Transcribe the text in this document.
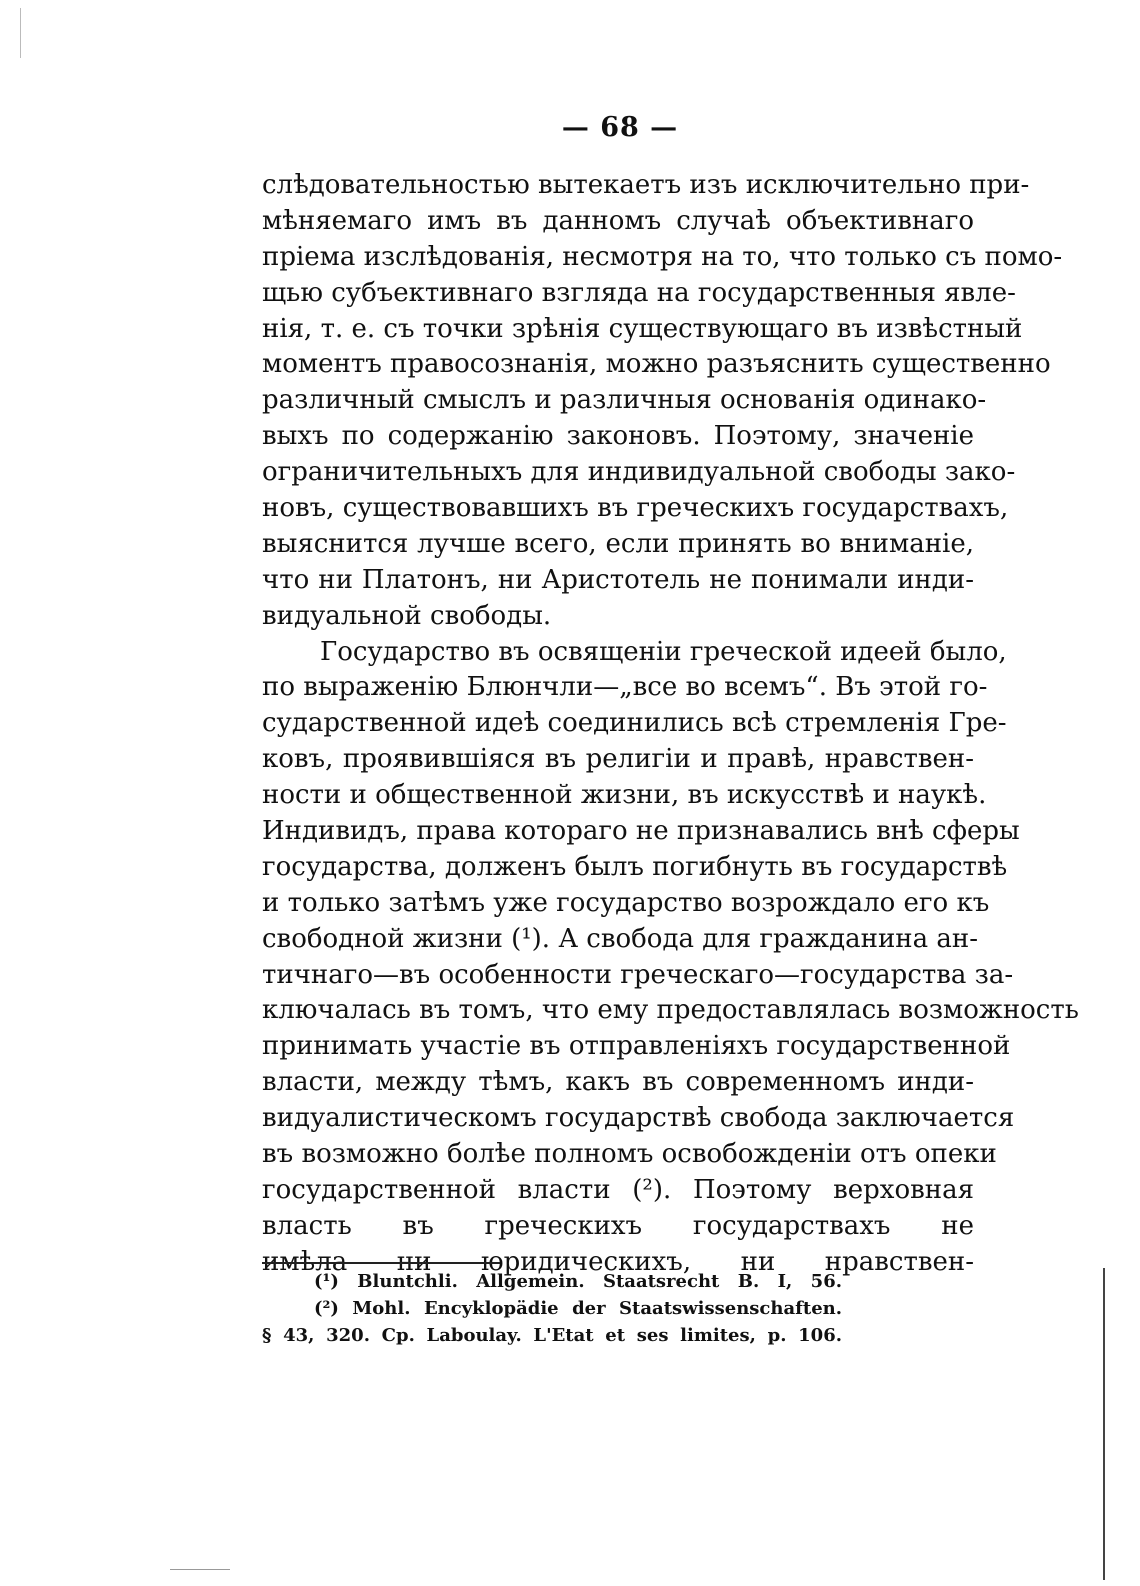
— 68 —
слѣдовательностью вытекаетъ изъ исключительно при-
мѣняемаго имъ въ данномъ случаѣ объективнаго
пріема изслѣдованія, несмотря на то, что только съ помо-
щью субъективнаго взгляда на государственныя явле-
нія, т. е. съ точки зрѣнія существующаго въ извѣстный
моментъ правосознанія, можно разъяснить существенно
различный смыслъ и различныя основанія одинако-
выхъ по содержанію законовъ. Поэтому, значеніе
ограничительныхъ для индивидуальной свободы зако-
новъ, существовавшихъ въ греческихъ государствахъ,
выяснится лучше всего, если принять во вниманіе,
что ни Платонъ, ни Аристотель не понимали инди-
видуальной свободы.
Государство въ освященіи греческой идеей было,
по выраженію Блюнчли—„все во всемъ“. Въ этой го-
сударственной идеѣ соединились всѣ стремленія Гре-
ковъ, проявившіяся въ религіи и правѣ, нравствен-
ности и общественной жизни, въ искусствѣ и наукѣ.
Индивидъ, права котораго не признавались внѣ сферы
государства, долженъ былъ погибнуть въ государствѣ
и только затѣмъ уже государство возрождало его къ
свободной жизни (¹). А свобода для гражданина ан-
тичнаго—въ особенности греческаго—государства за-
ключалась въ томъ, что ему предоставлялась возможность
принимать участіе въ отправленіяхъ государственной
власти, между тѣмъ, какъ въ современномъ инди-
видуалистическомъ государствѣ свобода заключается
въ возможно болѣе полномъ освобожденіи отъ опеки
государственной власти (²). Поэтому верховная
власть въ греческихъ государствахъ не
имѣла ни юридическихъ, ни нравствен-
(¹) Bluntchli. Allgemein. Staatsrecht B. I, 56.
(²) Mohl. Encyklopädie der Staatswissenschaften.
§ 43, 320. Cp. Laboulay. L'Etat et ses limites, p. 106.
